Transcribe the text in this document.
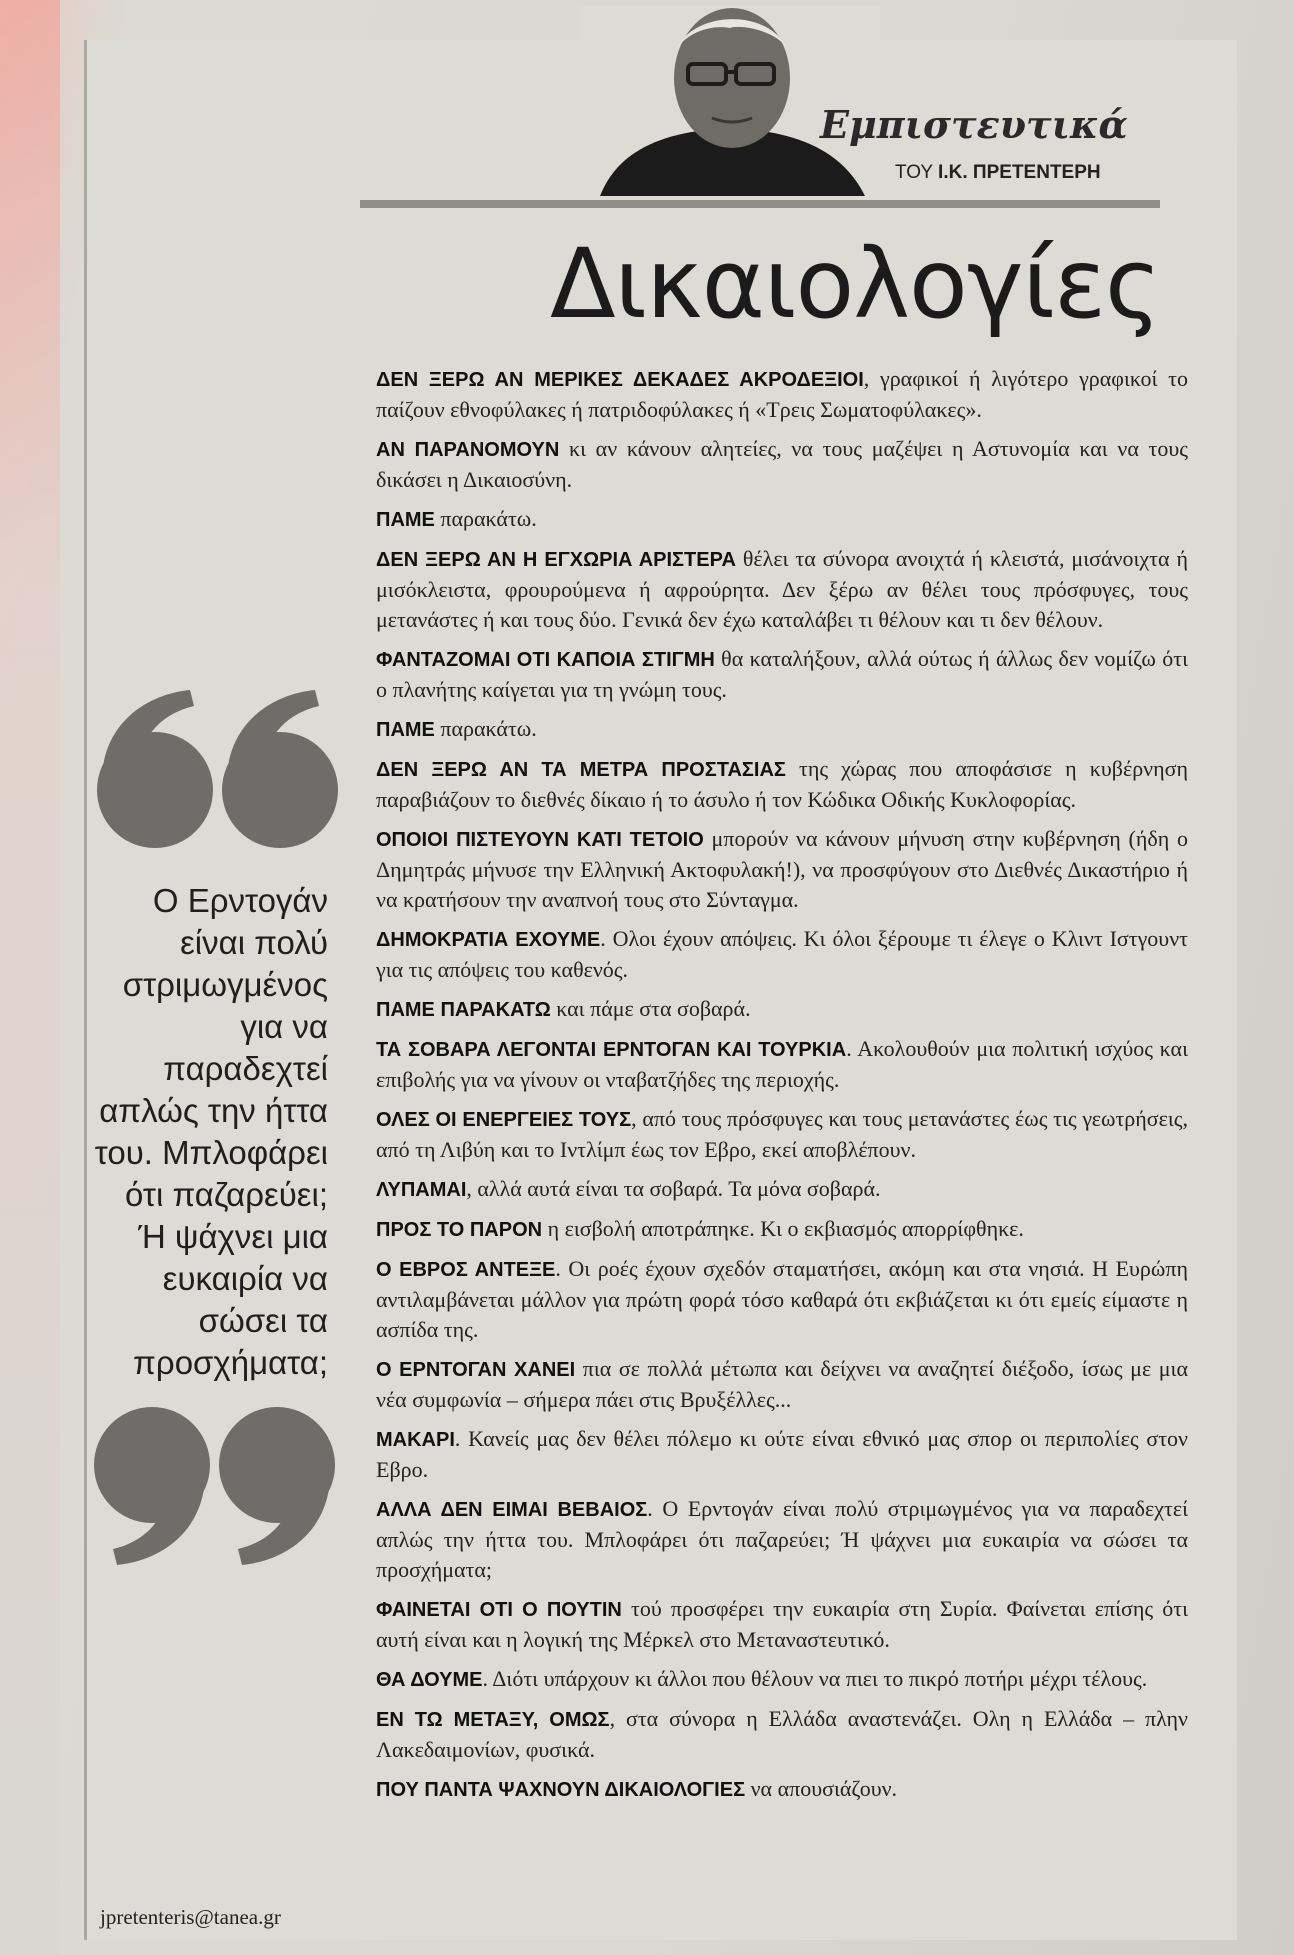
Εμπιστευτικά
ΤΟΥ Ι.Κ. ΠΡΕΤΕΝΤΕΡΗ
Δικαιολογίες
Ο Ερντογάν είναι πολύ στριμωγμένος για να παραδεχτεί απλώς την ήττα του. Μπλοφάρει ότι παζαρεύει; Ή ψάχνει μια ευκαιρία να σώσει τα προσχήματα;

ΔΕΝ ΞΕΡΩ ΑΝ ΜΕΡΙΚΕΣ ΔΕΚΑΔΕΣ ΑΚΡΟΔΕΞΙΟΙ, γραφικοί ή λιγότερο γραφικοί το παίζουν εθνοφύλακες ή πατριδοφύλακες ή «Τρεις Σωματοφύλακες».

ΑΝ ΠΑΡΑΝΟΜΟΥΝ κι αν κάνουν αλητείες, να τους μαζέψει η Αστυνομία και να τους δικάσει η Δικαιοσύνη.

ΠΑΜΕ παρακάτω.

ΔΕΝ ΞΕΡΩ ΑΝ Η ΕΓΧΩΡΙΑ ΑΡΙΣΤΕΡΑ θέλει τα σύνορα ανοιχτά ή κλειστά, μισάνοιχτα ή μισόκλειστα, φρουρούμενα ή αφρούρητα. Δεν ξέρω αν θέλει τους πρόσφυγες, τους μετανάστες ή και τους δύο. Γενικά δεν έχω καταλάβει τι θέλουν και τι δεν θέλουν.

ΦΑΝΤΑΖΟΜΑΙ ΟΤΙ ΚΑΠΟΙΑ ΣΤΙΓΜΗ θα καταλήξουν, αλλά ούτως ή άλλως δεν νομίζω ότι ο πλανήτης καίγεται για τη γνώμη τους.

ΠΑΜΕ παρακάτω.

ΔΕΝ ΞΕΡΩ ΑΝ ΤΑ ΜΕΤΡΑ ΠΡΟΣΤΑΣΙΑΣ της χώρας που αποφάσισε η κυβέρνηση παραβιάζουν το διεθνές δίκαιο ή το άσυλο ή τον Κώδικα Οδικής Κυκλοφορίας.

ΟΠΟΙΟΙ ΠΙΣΤΕΥΟΥΝ ΚΑΤΙ ΤΕΤΟΙΟ μπορούν να κάνουν μήνυση στην κυβέρνηση (ήδη ο Δημητράς μήνυσε την Ελληνική Ακτοφυλακή!), να προσφύγουν στο Διεθνές Δικαστήριο ή να κρατήσουν την αναπνοή τους στο Σύνταγμα.

ΔΗΜΟΚΡΑΤΙΑ ΕΧΟΥΜΕ. Ολοι έχουν απόψεις. Κι όλοι ξέρουμε τι έλεγε ο Κλιντ Ιστγουντ για τις απόψεις του καθενός.

ΠΑΜΕ ΠΑΡΑΚΑΤΩ και πάμε στα σοβαρά.

ΤΑ ΣΟΒΑΡΑ ΛΕΓΟΝΤΑΙ ΕΡΝΤΟΓΑΝ ΚΑΙ ΤΟΥΡΚΙΑ. Ακολουθούν μια πολιτική ισχύος και επιβολής για να γίνουν οι νταβατζήδες της περιοχής.

ΟΛΕΣ ΟΙ ΕΝΕΡΓΕΙΕΣ ΤΟΥΣ, από τους πρόσφυγες και τους μετανάστες έως τις γεωτρήσεις, από τη Λιβύη και το Ιντλίμπ έως τον Εβρο, εκεί αποβλέπουν.

ΛΥΠΑΜΑΙ, αλλά αυτά είναι τα σοβαρά. Τα μόνα σοβαρά.

ΠΡΟΣ ΤΟ ΠΑΡΟΝ η εισβολή αποτράπηκε. Κι ο εκβιασμός απορρίφθηκε.

Ο ΕΒΡΟΣ ΑΝΤΕΞΕ. Οι ροές έχουν σχεδόν σταματήσει, ακόμη και στα νησιά. Η Ευρώπη αντιλαμβάνεται μάλλον για πρώτη φορά τόσο καθαρά ότι εκβιάζεται κι ότι εμείς είμαστε η ασπίδα της.

Ο ΕΡΝΤΟΓΑΝ ΧΑΝΕΙ πια σε πολλά μέτωπα και δείχνει να αναζητεί διέξοδο, ίσως με μια νέα συμφωνία – σήμερα πάει στις Βρυξέλλες...

ΜΑΚΑΡΙ. Κανείς μας δεν θέλει πόλεμο κι ούτε είναι εθνικό μας σπορ οι περιπολίες στον Εβρο.

ΑΛΛΑ ΔΕΝ ΕΙΜΑΙ ΒΕΒΑΙΟΣ. Ο Ερντογάν είναι πολύ στριμωγμένος για να παραδεχτεί απλώς την ήττα του. Μπλοφάρει ότι παζαρεύει; Ή ψάχνει μια ευκαιρία να σώσει τα προσχήματα;

ΦΑΙΝΕΤΑΙ ΟΤΙ Ο ΠΟΥΤΙΝ τού προσφέρει την ευκαιρία στη Συρία. Φαίνεται επίσης ότι αυτή είναι και η λογική της Μέρκελ στο Μεταναστευτικό.

ΘΑ ΔΟΥΜΕ. Διότι υπάρχουν κι άλλοι που θέλουν να πιει το πικρό ποτήρι μέχρι τέλους.

ΕΝ ΤΩ ΜΕΤΑΞΥ, ΟΜΩΣ, στα σύνορα η Ελλάδα αναστενάζει. Ολη η Ελλάδα – πλην Λακεδαιμονίων, φυσικά.

ΠΟΥ ΠΑΝΤΑ ΨΑΧΝΟΥΝ ΔΙΚΑΙΟΛΟΓΙΕΣ να απουσιάζουν.

jpretenteris@tanea.gr
